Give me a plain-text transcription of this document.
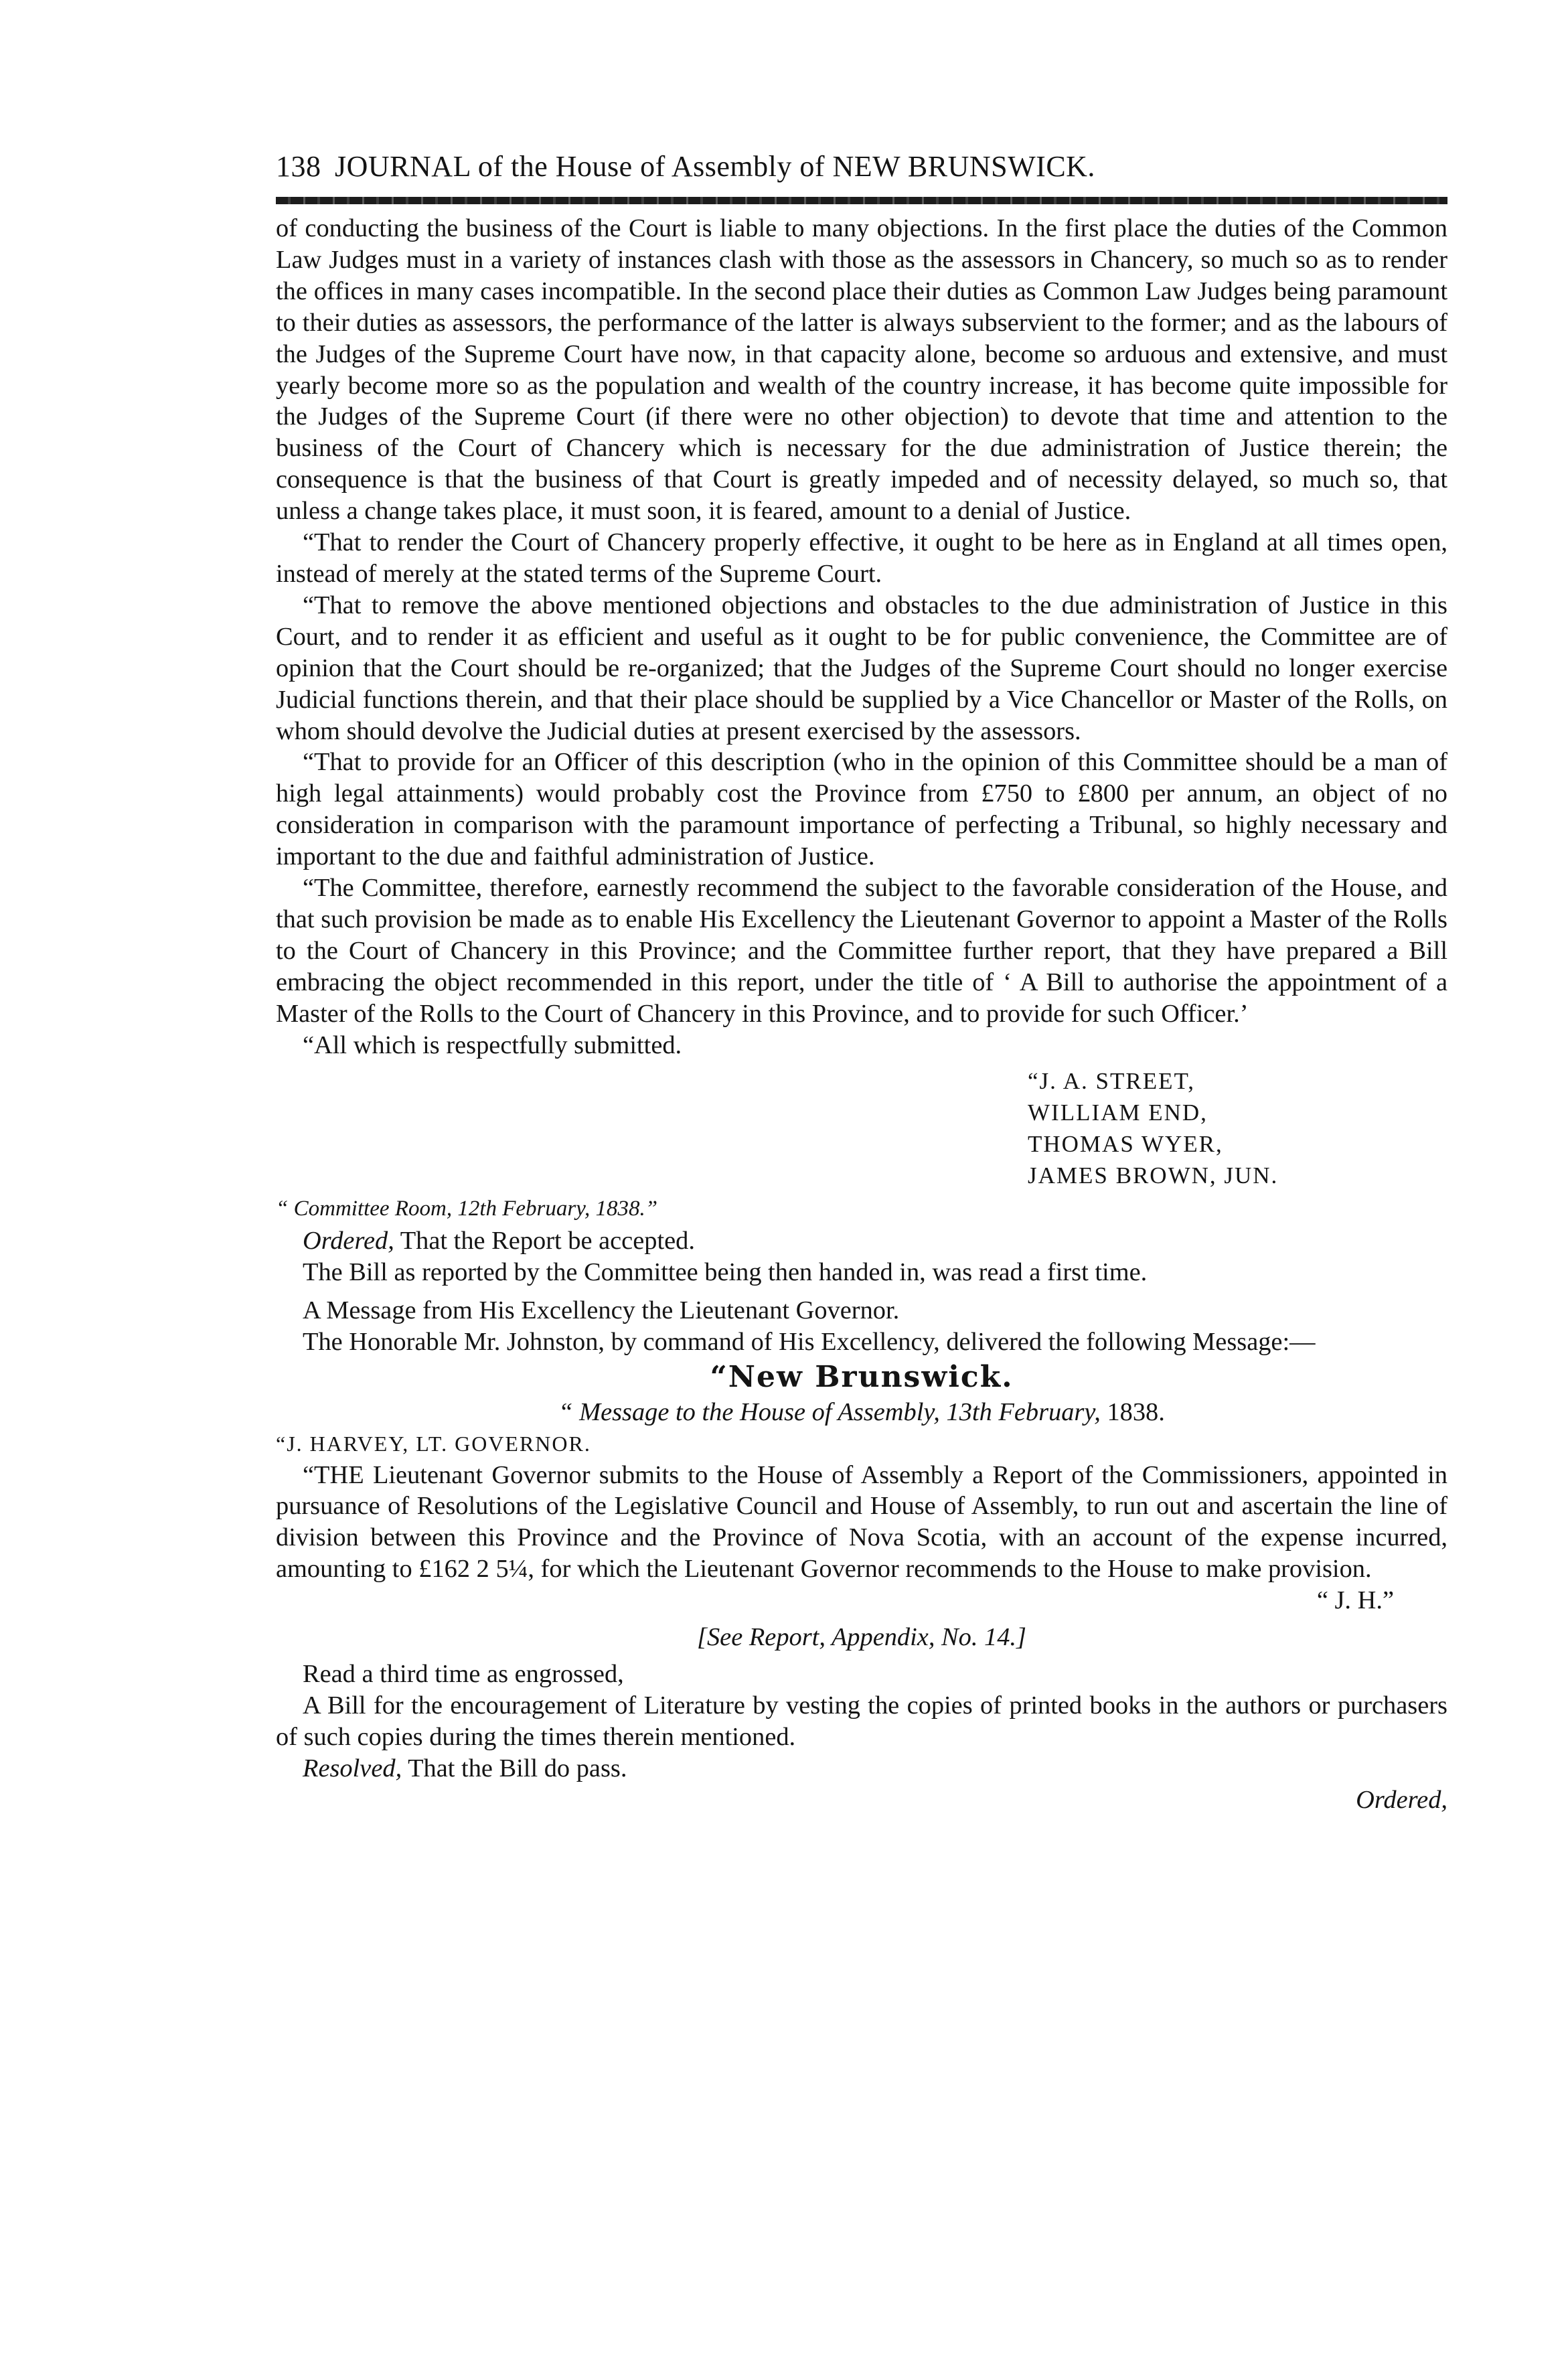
138 JOURNAL of the House of Assembly of NEW BRUNSWICK.

of conducting the business of the Court is liable to many objections. In the first place the duties of the Common Law Judges must in a variety of instances clash with those as the assessors in Chancery, so much so as to render the offices in many cases incompatible. In the second place their duties as Common Law Judges being paramount to their duties as assessors, the performance of the latter is always subservient to the former; and as the labours of the Judges of the Supreme Court have now, in that capacity alone, become so arduous and extensive, and must yearly become more so as the population and wealth of the country increase, it has become quite impossible for the Judges of the Supreme Court (if there were no other objection) to devote that time and attention to the business of the Court of Chancery which is necessary for the due administration of Justice therein; the consequence is that the business of that Court is greatly impeded and of necessity delayed, so much so, that unless a change takes place, it must soon, it is feared, amount to a denial of Justice.

“That to render the Court of Chancery properly effective, it ought to be here as in England at all times open, instead of merely at the stated terms of the Supreme Court.

“That to remove the above mentioned objections and obstacles to the due administration of Justice in this Court, and to render it as efficient and useful as it ought to be for public convenience, the Committee are of opinion that the Court should be re-organized; that the Judges of the Supreme Court should no longer exercise Judicial functions therein, and that their place should be supplied by a Vice Chancellor or Master of the Rolls, on whom should devolve the Judicial duties at present exercised by the assessors.

“That to provide for an Officer of this description (who in the opinion of this Committee should be a man of high legal attainments) would probably cost the Province from £750 to £800 per annum, an object of no consideration in comparison with the paramount importance of perfecting a Tribunal, so highly necessary and important to the due and faithful administration of Justice.

“The Committee, therefore, earnestly recommend the subject to the favorable consideration of the House, and that such provision be made as to enable His Excellency the Lieutenant Governor to appoint a Master of the Rolls to the Court of Chancery in this Province; and the Committee further report, that they have prepared a Bill embracing the object recommended in this report, under the title of ‘ A Bill to authorise the appointment of a Master of the Rolls to the Court of Chancery in this Province, and to provide for such Officer.’

“All which is respectfully submitted.

“J. A. STREET,
WILLIAM END,
THOMAS WYER,
JAMES BROWN, JUN.

“ Committee Room, 12th February, 1838.”

Ordered, That the Report be accepted.

The Bill as reported by the Committee being then handed in, was read a first time.

A Message from His Excellency the Lieutenant Governor.

The Honorable Mr. Johnston, by command of His Excellency, delivered the following Message:—

“New Brunswick.

“ Message to the House of Assembly, 13th February, 1838.

“J. HARVEY, LT. GOVERNOR.

“THE Lieutenant Governor submits to the House of Assembly a Report of the Commissioners, appointed in pursuance of Resolutions of the Legislative Council and House of Assembly, to run out and ascertain the line of division between this Province and the Province of Nova Scotia, with an account of the expense incurred, amounting to £162 2 5¼, for which the Lieutenant Governor recommends to the House to make provision.

“ J. H.”

[See Report, Appendix, No. 14.]

Read a third time as engrossed,

A Bill for the encouragement of Literature by vesting the copies of printed books in the authors or purchasers of such copies during the times therein mentioned.

Resolved, That the Bill do pass.

Ordered,
